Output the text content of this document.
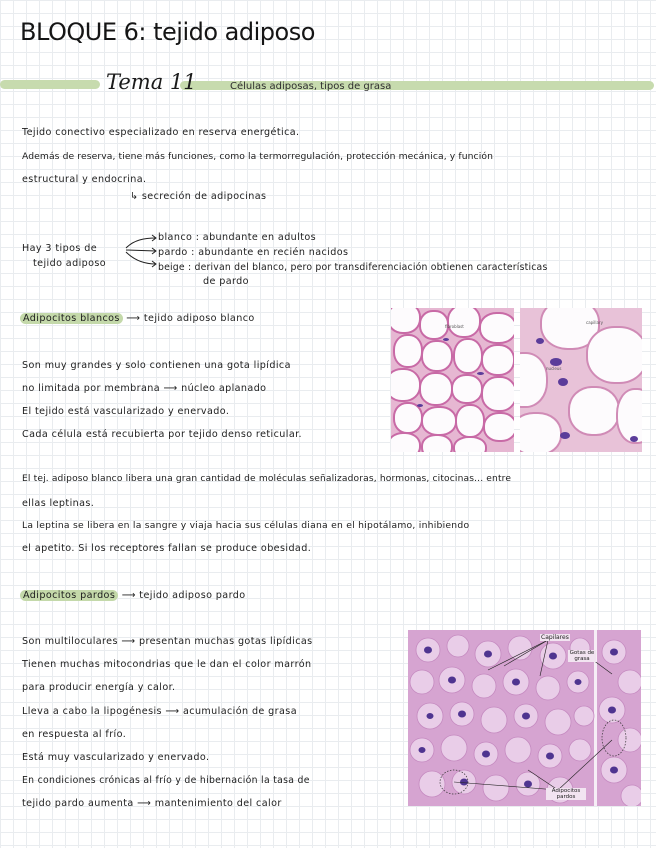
BLOQUE 6: tejido adiposo
Tema 11	Células adiposas, tipos de grasa
Tejido conectivo especializado en reserva energética.
Además de reserva, tiene más funciones, como la termorregulación, protección mecánica, y función
estructural y endocrina.
↳ secreción de adipocinas
Hay 3 tipos de
tejido adiposo
blanco : abundante en adultos
pardo : abundante en recién nacidos
beige : derivan del blanco, pero por transdiferenciación obtienen características
de pardo
Adipocitos blancos ⟶ tejido adiposo blanco
Son muy grandes y solo contienen una gota lipídica
no limitada por membrana ⟶ núcleo aplanado
El tejido está vascularizado y enervado.
Cada célula está recubierta por tejido denso reticular.
fibroblast
capillary
nucleus
El tej. adiposo blanco libera una gran cantidad de moléculas señalizadoras, hormonas, citocinas... entre
ellas leptinas.
La leptina se libera en la sangre y viaja hacia sus células diana en el hipotálamo, inhibiendo
el apetito. Si los receptores fallan se produce obesidad.
Adipocitos pardos ⟶ tejido adiposo pardo
Son multiloculares ⟶ presentan muchas gotas lipídicas
Tienen muchas mitocondrias que le dan el color marrón
para producir energía y calor.
Lleva a cabo la lipogénesis ⟶ acumulación de grasa
en respuesta al frío.
Está muy vascularizado y enervado.
En condiciones crónicas al frío y de hibernación la tasa de
tejido pardo aumenta ⟶ mantenimiento del calor
Capilares
Gotas de grasa
Adipocitos pardos
